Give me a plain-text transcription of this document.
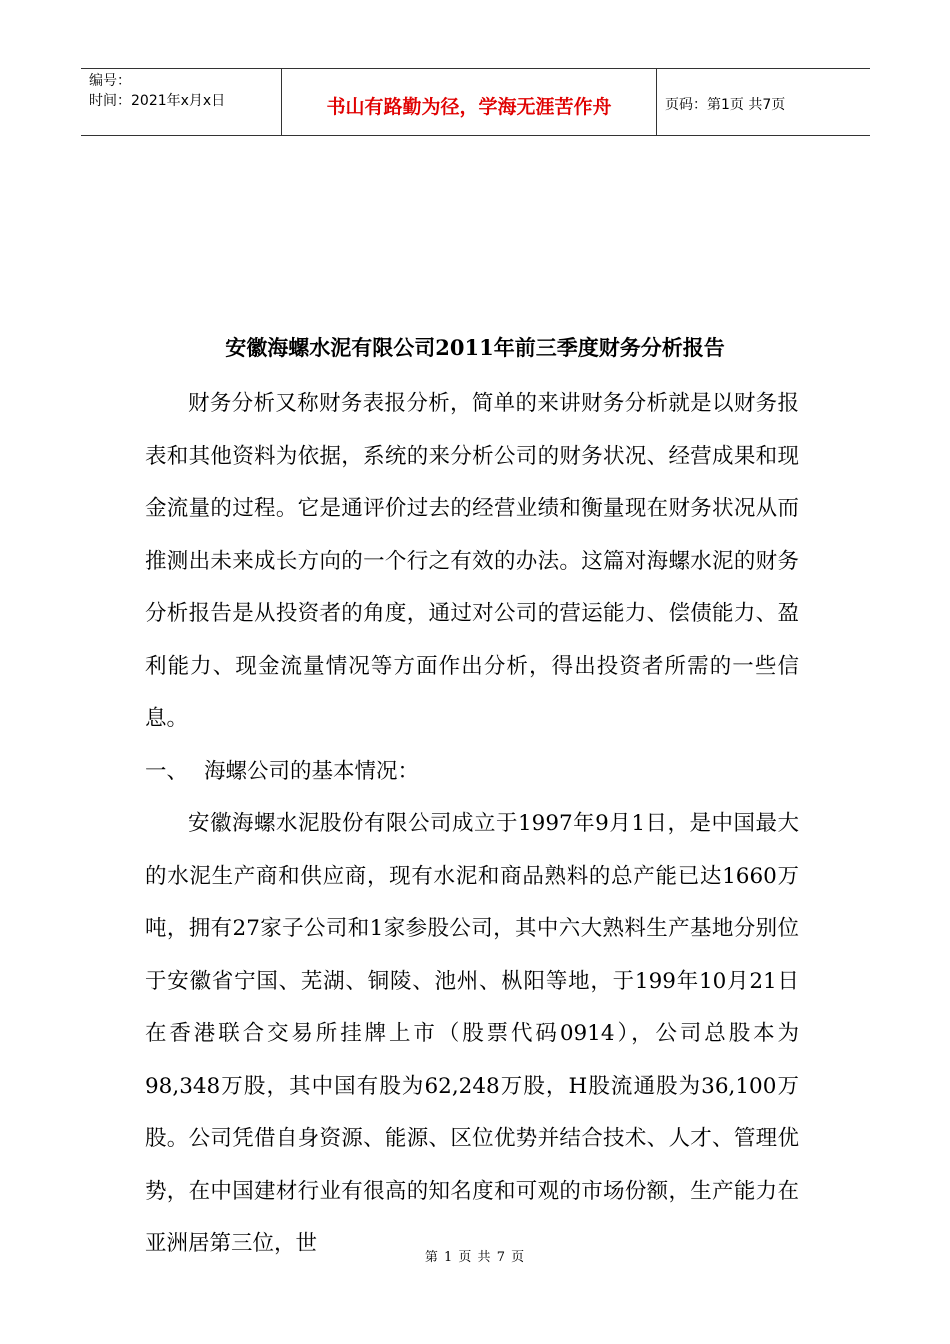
编号：
时间：2021年x月x日	书山有路勤为径，学海无涯苦作舟	页码：第1页 共7页
安徽海螺水泥有限公司2011年前三季度财务分析报告

财务分析又称财务表报分析，简单的来讲财务分析就是以财务报表和其他资料为依据，系统的来分析公司的财务状况、经营成果和现金流量的过程。它是通评价过去的经营业绩和衡量现在财务状况从而推测出未来成长方向的一个行之有效的办法。这篇对海螺水泥的财务分析报告是从投资者的角度，通过对公司的营运能力、偿债能力、盈利能力、现金流量情况等方面作出分析，得出投资者所需的一些信息。

一、 海螺公司的基本情况：

安徽海螺水泥股份有限公司成立于1997年9月1日，是中国最大的水泥生产商和供应商，现有水泥和商品熟料的总产能已达1660万吨，拥有27家子公司和1家参股公司，其中六大熟料生产基地分别位于安徽省宁国、芜湖、铜陵、池州、枞阳等地，于199年10月21日在香港联合交易所挂牌上市（股票代码0914），公司总股本为98,348万股，其中国有股为62,248万股，H股流通股为36,100万股。公司凭借自身资源、能源、区位优势并结合技术、人才、管理优势，在中国建材行业有很高的知名度和可观的市场份额，生产能力在亚洲居第三位，世

第 1 页 共 7 页
